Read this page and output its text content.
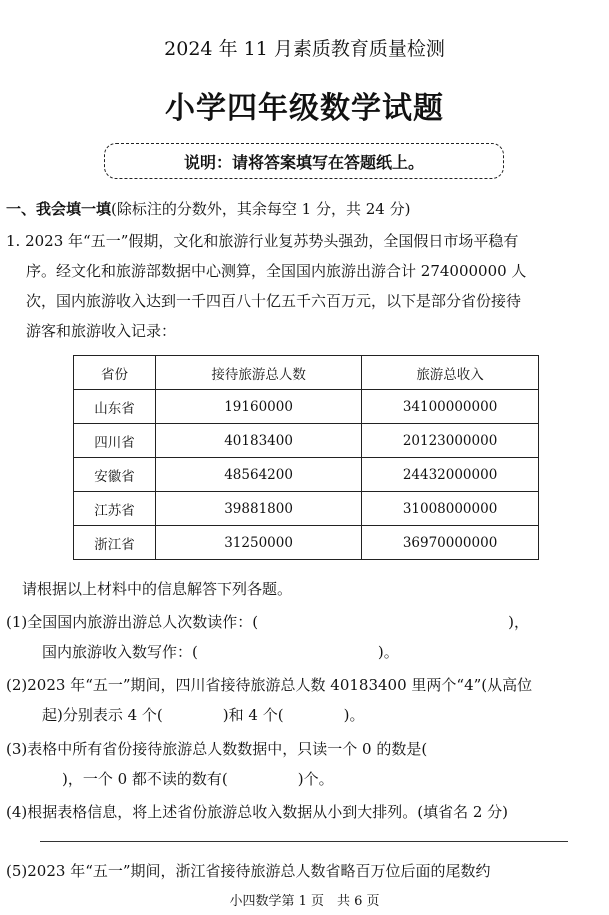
2024 年 11 月素质教育质量检测
小学四年级数学试题
说明：请将答案填写在答题纸上。
一、我会填一填(除标注的分数外，其余每空 1 分，共 24 分)

1. 2023 年“五一”假期，文化和旅游行业复苏势头强劲，全国假日市场平稳有

序。经文化和旅游部数据中心测算，全国国内旅游出游合计 274000000 人

次，国内旅游收入达到一千四百八十亿五千六百万元，以下是部分省份接待

游客和旅游收入记录：

省份	接待旅游总人数	旅游总收入
山东省	19160000	34100000000
四川省	40183400	20123000000
安徽省	48564200	24432000000
江苏省	39881800	31008000000
浙江省	31250000	36970000000
请根据以上材料中的信息解答下列各题。
(1)全国国内旅游出游总人次数读作：(	)，
国内旅游收入数写作：(	)。
(2)2023 年“五一”期间，四川省接待旅游总人数 40183400 里两个“4”(从高位
起)分别表示 4 个(	)和 4 个(	)。
(3)表格中所有省份接待旅游总人数数据中，只读一个 0 的数是(
)，一个 0 都不读的数有(	)个。
(4)根据表格信息，将上述省份旅游总收入数据从小到大排列。(填省名 2 分)
(5)2023 年“五一”期间，浙江省接待旅游总人数省略百万位后面的尾数约
小四数学第 1 页　共 6 页
